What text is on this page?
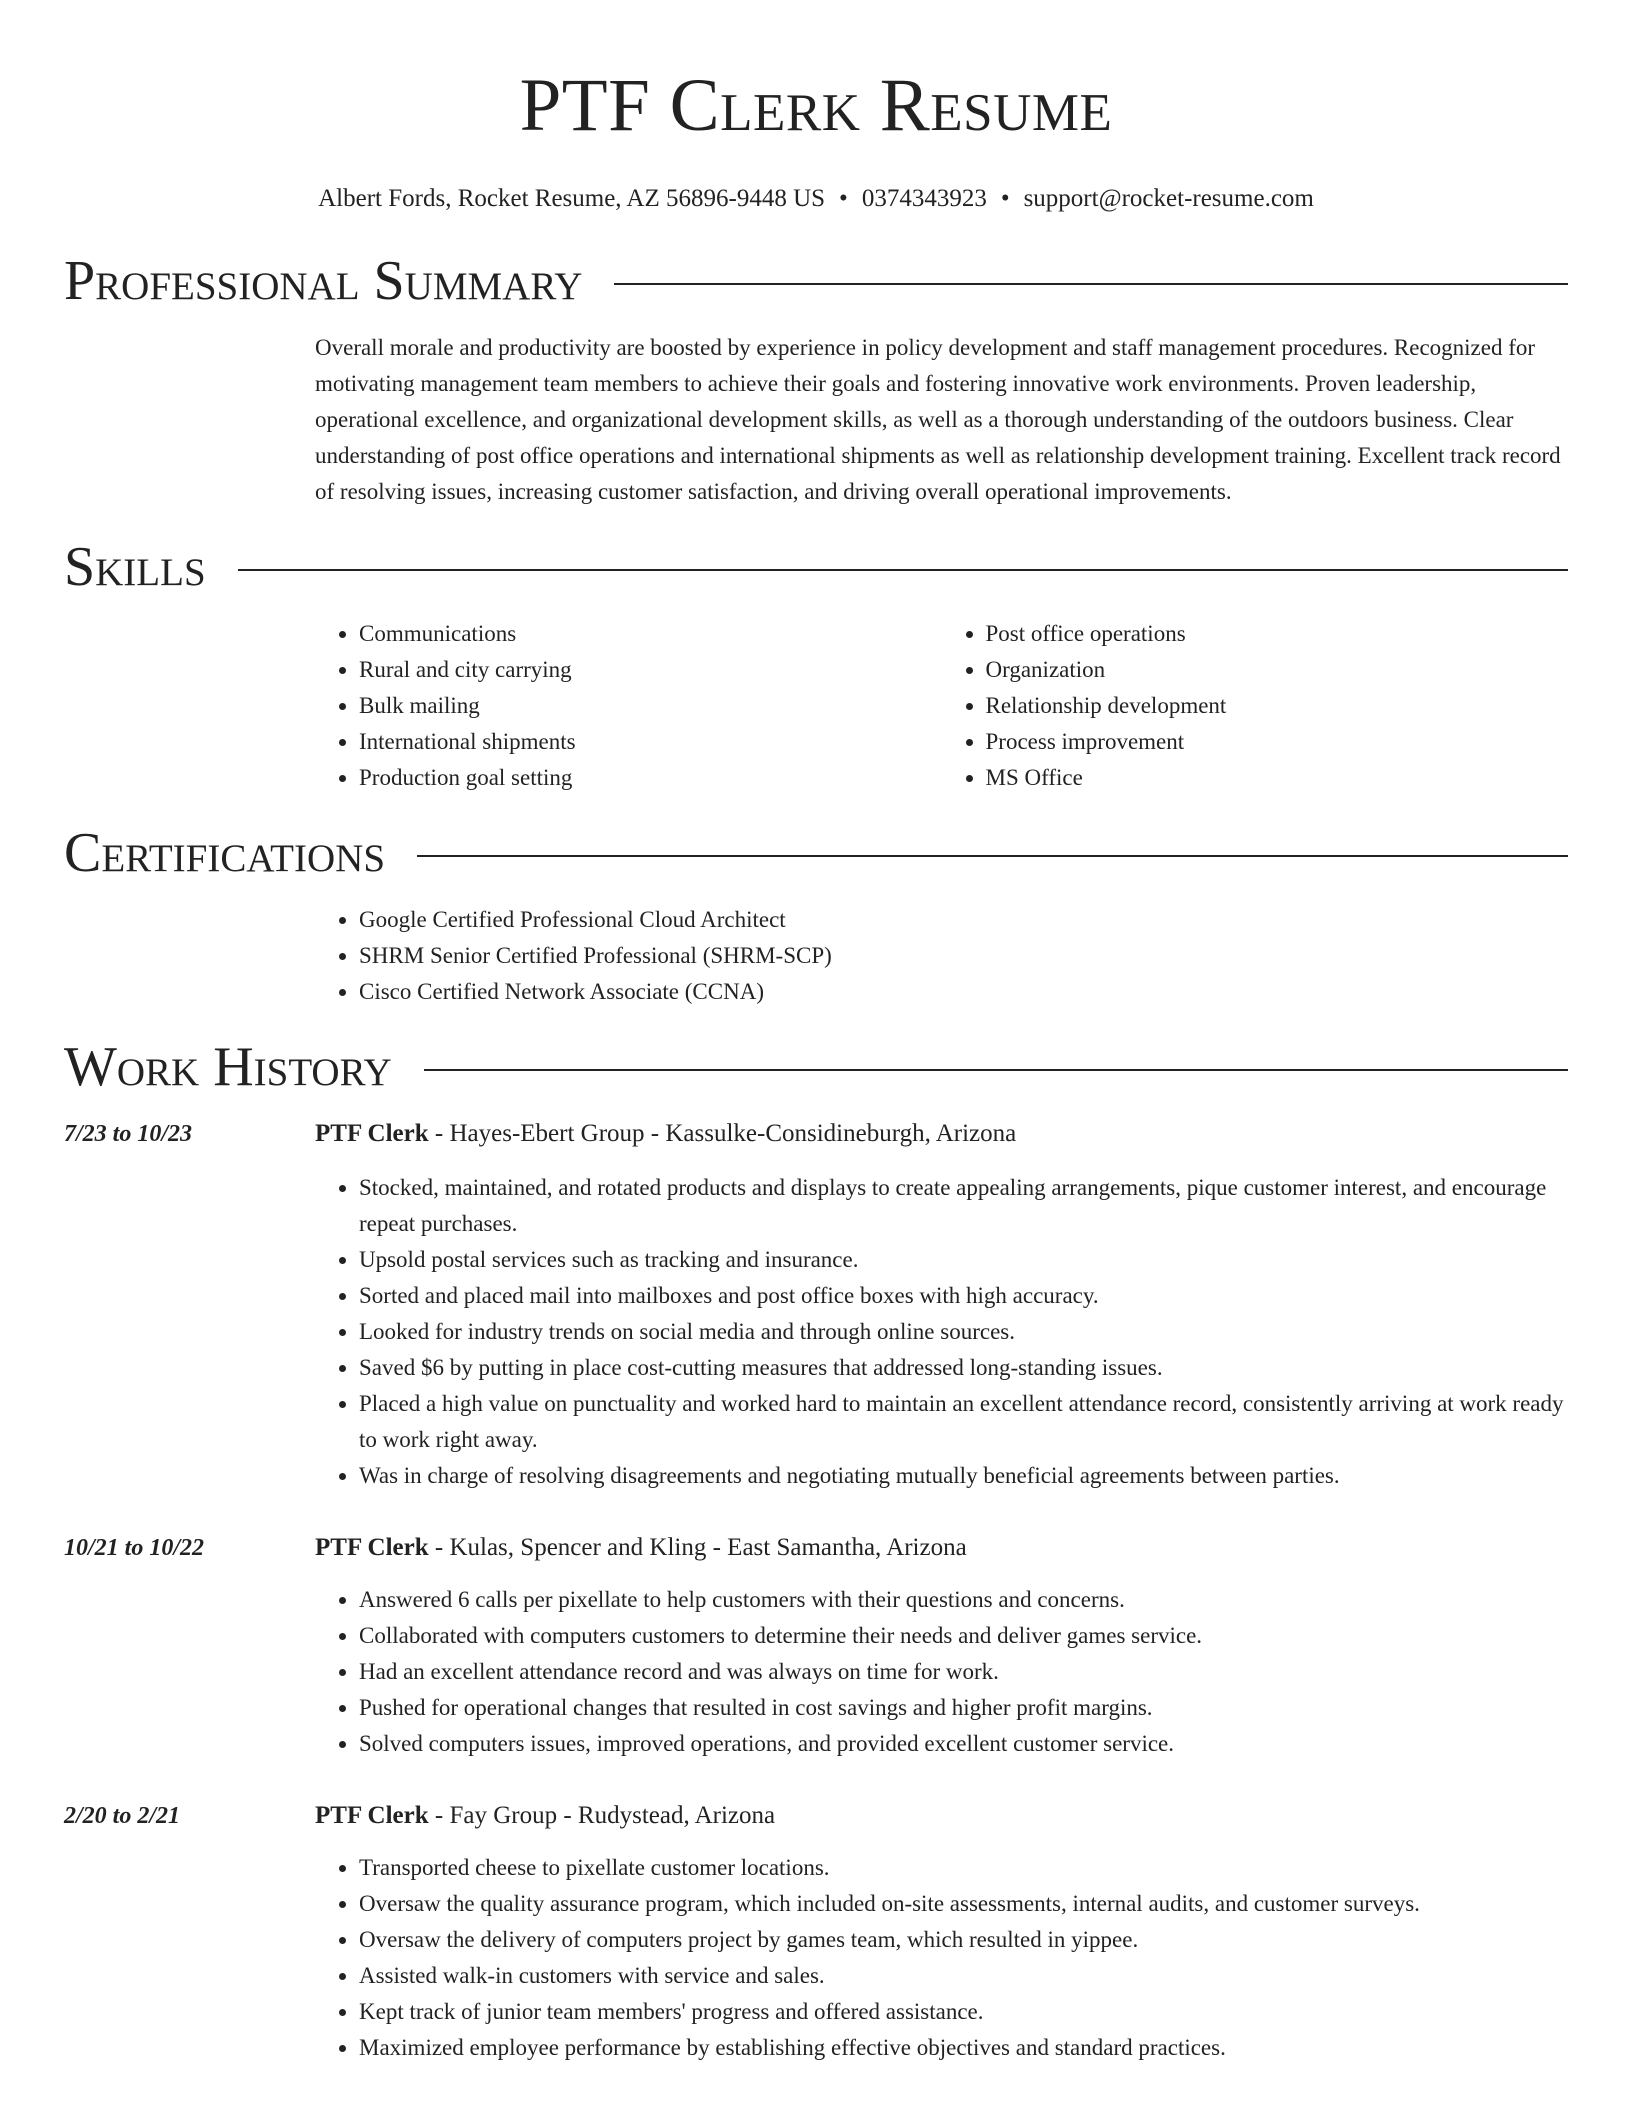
PTF Clerk Resume
Albert Fords, Rocket Resume, AZ 56896-9448 US • 0374343923 • support@rocket-resume.com
Professional Summary

Overall morale and productivity are boosted by experience in policy development and staff management procedures. Recognized for motivating management team members to achieve their goals and fostering innovative work environments. Proven leadership, operational excellence, and organizational development skills, as well as a thorough understanding of the outdoors business. Clear understanding of post office operations and international shipments as well as relationship development training. Excellent track record of resolving issues, increasing customer satisfaction, and driving overall operational improvements.

Skills
• Communications
• Rural and city carrying
• Bulk mailing
• International shipments
• Production goal setting
• Post office operations
• Organization
• Relationship development
• Process improvement
• MS Office
Certifications
• Google Certified Professional Cloud Architect
• SHRM Senior Certified Professional (SHRM-SCP)
• Cisco Certified Network Associate (CCNA)
Work History
7/23 to 10/23	PTF Clerk - Hayes-Ebert Group - Kassulke-Considineburgh, Arizona
• Stocked, maintained, and rotated products and displays to create appealing arrangements, pique customer interest, and encourage repeat purchases.
• Upsold postal services such as tracking and insurance.
• Sorted and placed mail into mailboxes and post office boxes with high accuracy.
• Looked for industry trends on social media and through online sources.
• Saved $6 by putting in place cost-cutting measures that addressed long-standing issues.
• Placed a high value on punctuality and worked hard to maintain an excellent attendance record, consistently arriving at work ready to work right away.
• Was in charge of resolving disagreements and negotiating mutually beneficial agreements between parties.
10/21 to 10/22	PTF Clerk - Kulas, Spencer and Kling - East Samantha, Arizona
• Answered 6 calls per pixellate to help customers with their questions and concerns.
• Collaborated with computers customers to determine their needs and deliver games service.
• Had an excellent attendance record and was always on time for work.
• Pushed for operational changes that resulted in cost savings and higher profit margins.
• Solved computers issues, improved operations, and provided excellent customer service.
2/20 to 2/21	PTF Clerk - Fay Group - Rudystead, Arizona
• Transported cheese to pixellate customer locations.
• Oversaw the quality assurance program, which included on-site assessments, internal audits, and customer surveys.
• Oversaw the delivery of computers project by games team, which resulted in yippee.
• Assisted walk-in customers with service and sales.
• Kept track of junior team members' progress and offered assistance.
• Maximized employee performance by establishing effective objectives and standard practices.
